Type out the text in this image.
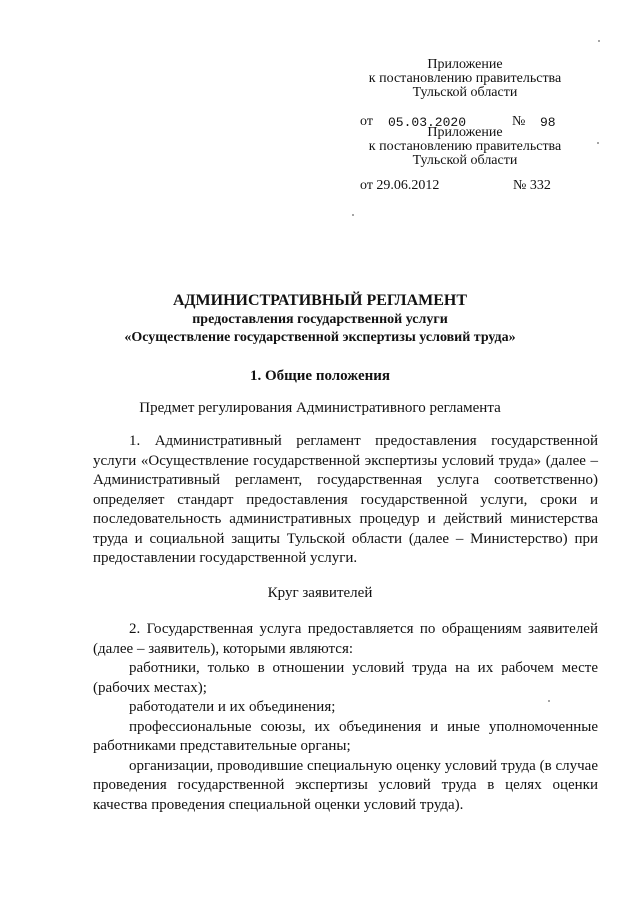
Приложение
к постановлению правительства
Тульской области
от 05.03.2020	№ 98
Приложение
к постановлению правительства
Тульской области
от 29.06.2012	№ 332
АДМИНИСТРАТИВНЫЙ РЕГЛАМЕНТ
предоставления государственной услуги
«Осуществление государственной экспертизы условий труда»
1. Общие положения
Предмет регулирования Административного регламента

1. Административный регламент предоставления государственной услуги «Осуществление государственной экспертизы условий труда» (далее – Административный регламент, государственная услуга соответственно) определяет стандарт предоставления государственной услуги, сроки и последовательность административных процедур и действий министерства труда и социальной защиты Тульской области (далее – Министерство) при предоставлении государственной услуги.

Круг заявителей

2. Государственная услуга предоставляется по обращениям заявителей (далее – заявитель), которыми являются:

работники, только в отношении условий труда на их рабочем месте (рабочих местах);

работодатели и их объединения;

профессиональные союзы, их объединения и иные уполномоченные работниками представительные органы;

организации, проводившие специальную оценку условий труда (в случае проведения государственной экспертизы условий труда в целях оценки качества проведения специальной оценки условий труда).
